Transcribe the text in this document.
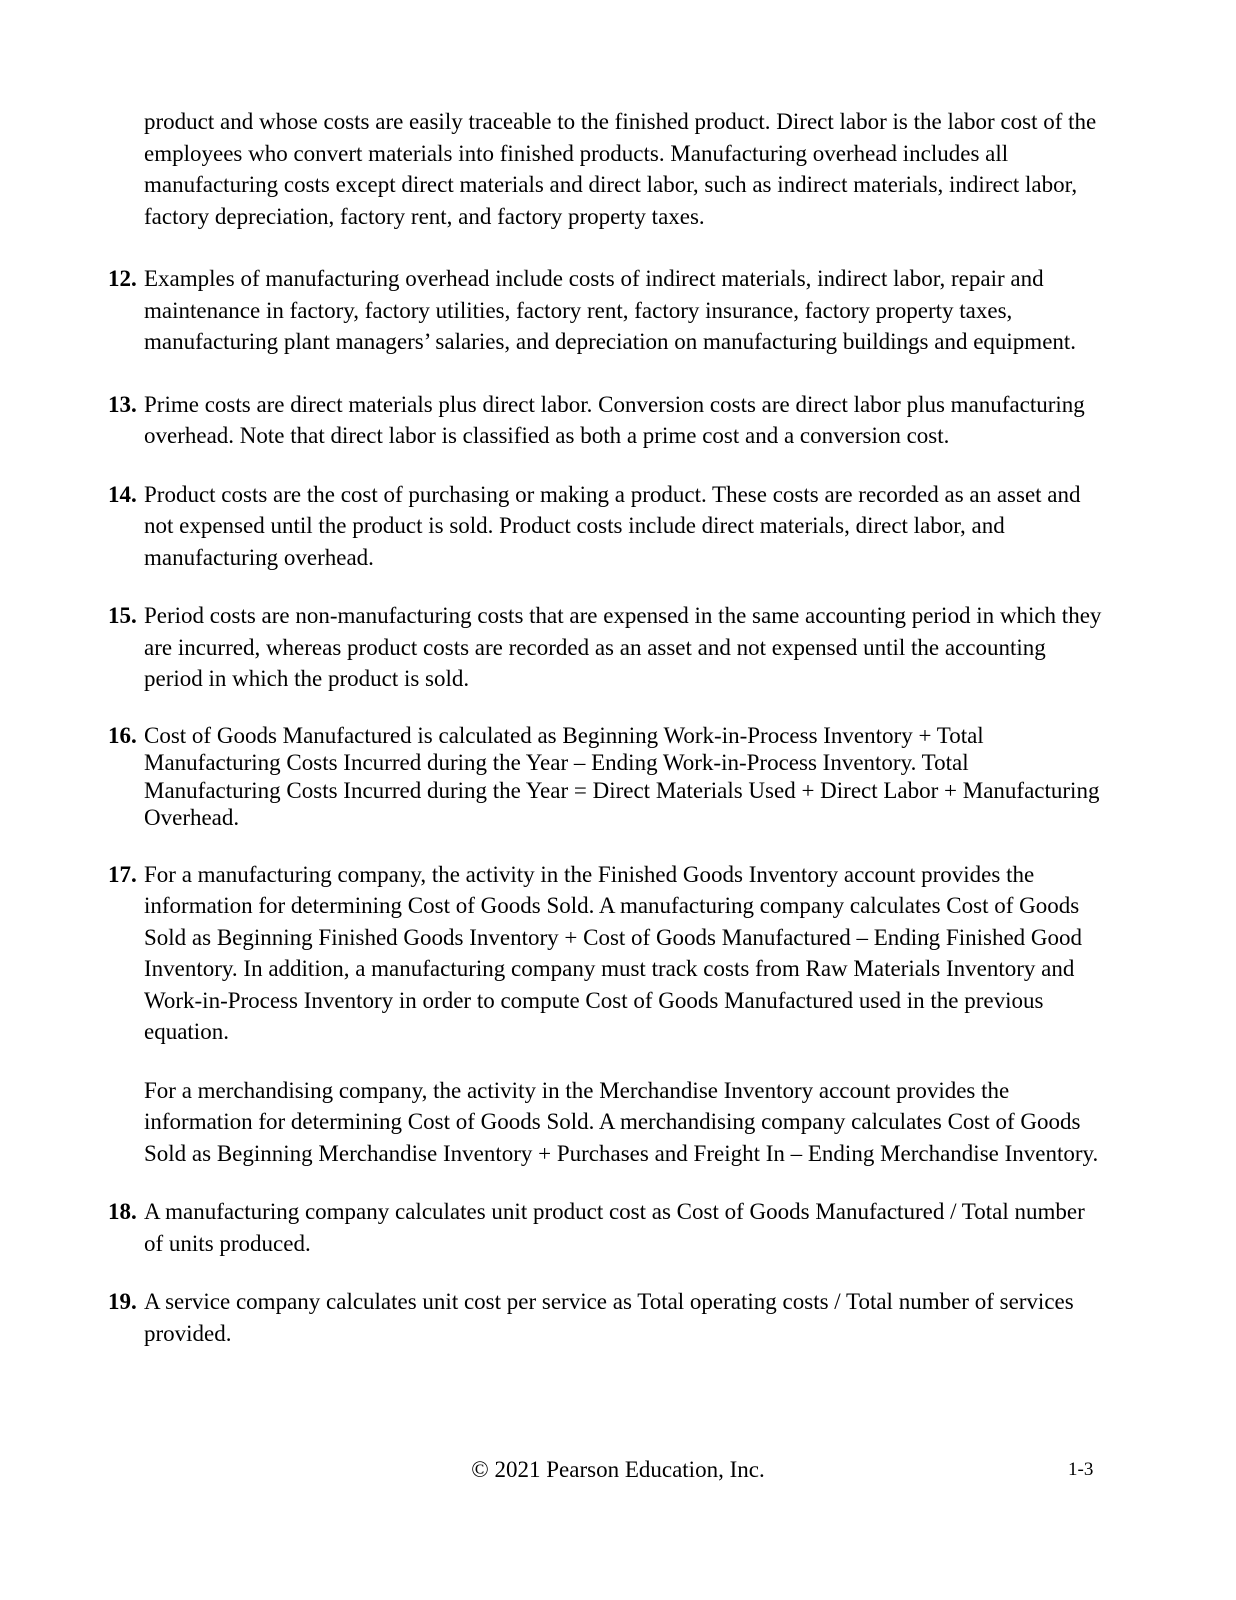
product and whose costs are easily traceable to the finished product. Direct labor is the labor cost of the employees who convert materials into finished products. Manufacturing overhead includes all manufacturing costs except direct materials and direct labor, such as indirect materials, indirect labor, factory depreciation, factory rent, and factory property taxes.

12. Examples of manufacturing overhead include costs of indirect materials, indirect labor, repair and maintenance in factory, factory utilities, factory rent, factory insurance, factory property taxes, manufacturing plant managers’ salaries, and depreciation on manufacturing buildings and equipment.

13. Prime costs are direct materials plus direct labor. Conversion costs are direct labor plus manufacturing overhead. Note that direct labor is classified as both a prime cost and a conversion cost.

14. Product costs are the cost of purchasing or making a product. These costs are recorded as an asset and not expensed until the product is sold. Product costs include direct materials, direct labor, and manufacturing overhead.

15. Period costs are non-manufacturing costs that are expensed in the same accounting period in which they are incurred, whereas product costs are recorded as an asset and not expensed until the accounting period in which the product is sold.

16. Cost of Goods Manufactured is calculated as Beginning Work-in-Process Inventory + Total Manufacturing Costs Incurred during the Year – Ending Work-in-Process Inventory. Total Manufacturing Costs Incurred during the Year = Direct Materials Used + Direct Labor + Manufacturing Overhead.

17. For a manufacturing company, the activity in the Finished Goods Inventory account provides the information for determining Cost of Goods Sold. A manufacturing company calculates Cost of Goods Sold as Beginning Finished Goods Inventory + Cost of Goods Manufactured – Ending Finished Good Inventory. In addition, a manufacturing company must track costs from Raw Materials Inventory and Work-in-Process Inventory in order to compute Cost of Goods Manufactured used in the previous equation.

For a merchandising company, the activity in the Merchandise Inventory account provides the information for determining Cost of Goods Sold. A merchandising company calculates Cost of Goods Sold as Beginning Merchandise Inventory + Purchases and Freight In – Ending Merchandise Inventory.

18. A manufacturing company calculates unit product cost as Cost of Goods Manufactured / Total number of units produced.

19. A service company calculates unit cost per service as Total operating costs / Total number of services provided.

© 2021 Pearson Education, Inc.	1-3
